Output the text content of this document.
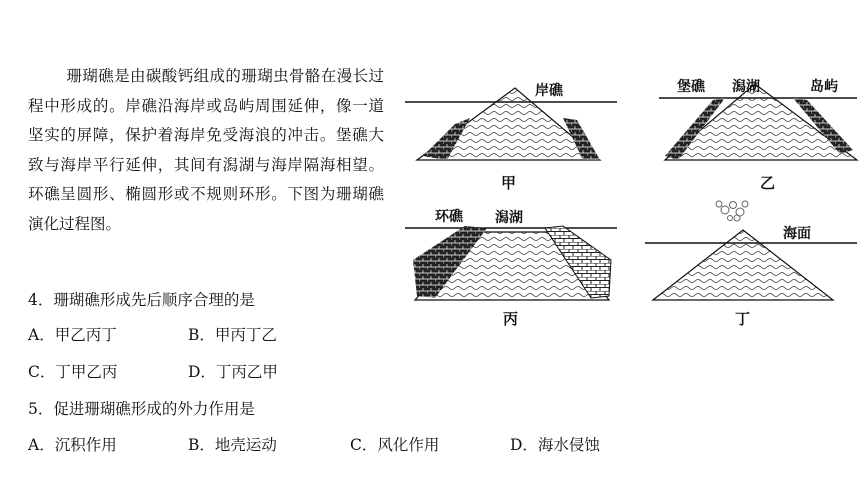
珊瑚礁是由碳酸钙组成的珊瑚虫骨骼在漫长过程中形成的。岸礁沿海岸或岛屿周围延伸，像一道坚实的屏障，保护着海岸免受海浪的冲击。堡礁大致与海岸平行延伸，其间有潟湖与海岸隔海相望。环礁呈圆形、椭圆形或不规则环形。下图为珊瑚礁演化过程图。
4．珊瑚礁形成先后顺序合理的是
A．甲乙丙丁	B．甲丙丁乙
C．丁甲乙丙	D．丁丙乙甲
5．促进珊瑚礁形成的外力作用是
A．沉积作用	B．地壳运动	C．风化作用	D．海水侵蚀
岸礁
甲
堡礁 潟湖	岛屿
乙
环礁 潟湖
丙
海面
丁
